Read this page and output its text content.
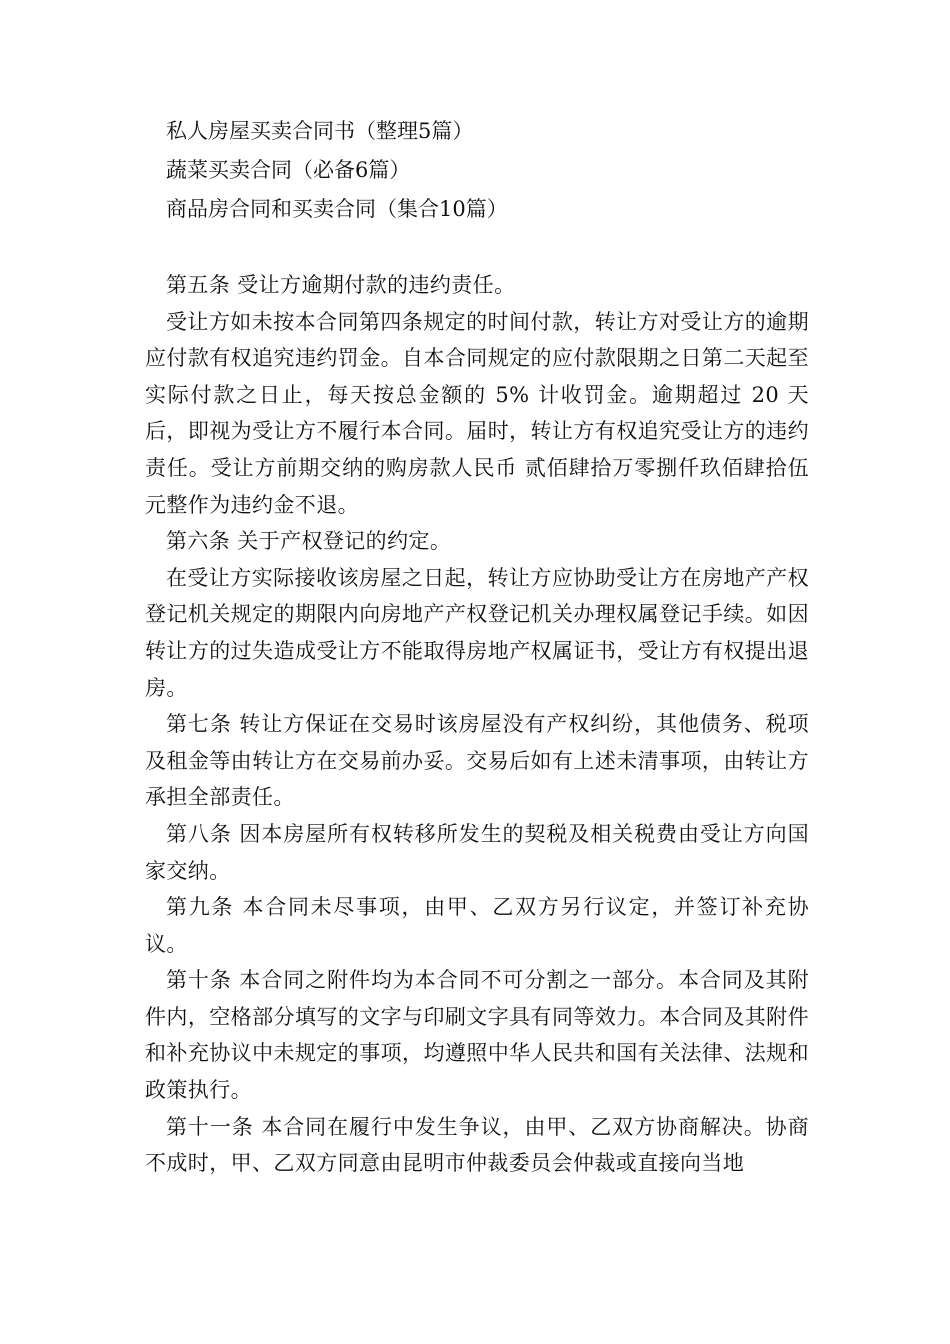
私人房屋买卖合同书（整理5篇）
蔬菜买卖合同（必备6篇）
商品房合同和买卖合同（集合10篇）

第五条 受让方逾期付款的违约责任。

受让方如未按本合同第四条规定的时间付款，转让方对受让方的逾期应付款有权追究违约罚金。自本合同规定的应付款限期之日第二天起至实际付款之日止，每天按总金额的 5% 计收罚金。逾期超过 20 天后，即视为受让方不履行本合同。届时，转让方有权追究受让方的违约责任。受让方前期交纳的购房款人民币 贰佰肆拾万零捌仟玖佰肆拾伍元整作为违约金不退。

第六条 关于产权登记的约定。

在受让方实际接收该房屋之日起，转让方应协助受让方在房地产产权登记机关规定的期限内向房地产产权登记机关办理权属登记手续。如因转让方的过失造成受让方不能取得房地产权属证书，受让方有权提出退房。

第七条 转让方保证在交易时该房屋没有产权纠纷，其他债务、税项及租金等由转让方在交易前办妥。交易后如有上述未清事项，由转让方承担全部责任。

第八条 因本房屋所有权转移所发生的契税及相关税费由受让方向国家交纳。

第九条 本合同未尽事项，由甲、乙双方另行议定，并签订补充协议。

第十条 本合同之附件均为本合同不可分割之一部分。本合同及其附件内，空格部分填写的文字与印刷文字具有同等效力。本合同及其附件和补充协议中未规定的事项，均遵照中华人民共和国有关法律、法规和政策执行。

第十一条 本合同在履行中发生争议，由甲、乙双方协商解决。协商不成时，甲、乙双方同意由昆明市仲裁委员会仲裁或直接向当地
